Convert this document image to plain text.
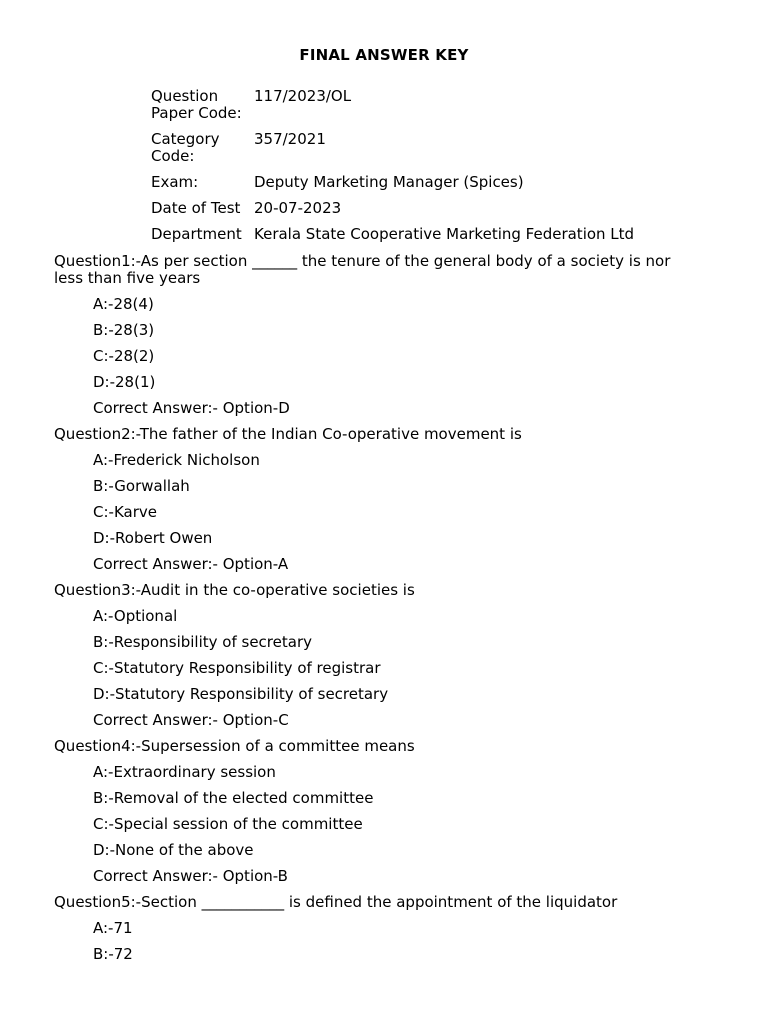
FINAL ANSWER KEY
Question Paper Code:	117/2023/OL
Category Code:	357/2021
Exam:	Deputy Marketing Manager (Spices)
Date of Test	20-07-2023
Department	Kerala State Cooperative Marketing Federation Ltd

Question1:-As per section ______ the tenure of the general body of a society is nor less than five years

A:-28(4)

B:-28(3)

C:-28(2)

D:-28(1)

Correct Answer:- Option-D

Question2:-The father of the Indian Co-operative movement is

A:-Frederick Nicholson

B:-Gorwallah

C:-Karve

D:-Robert Owen

Correct Answer:- Option-A

Question3:-Audit in the co-operative societies is

A:-Optional

B:-Responsibility of secretary

C:-Statutory Responsibility of registrar

D:-Statutory Responsibility of secretary

Correct Answer:- Option-C

Question4:-Supersession of a committee means

A:-Extraordinary session

B:-Removal of the elected committee

C:-Special session of the committee

D:-None of the above

Correct Answer:- Option-B

Question5:-Section ___________ is defined the appointment of the liquidator

A:-71

B:-72
